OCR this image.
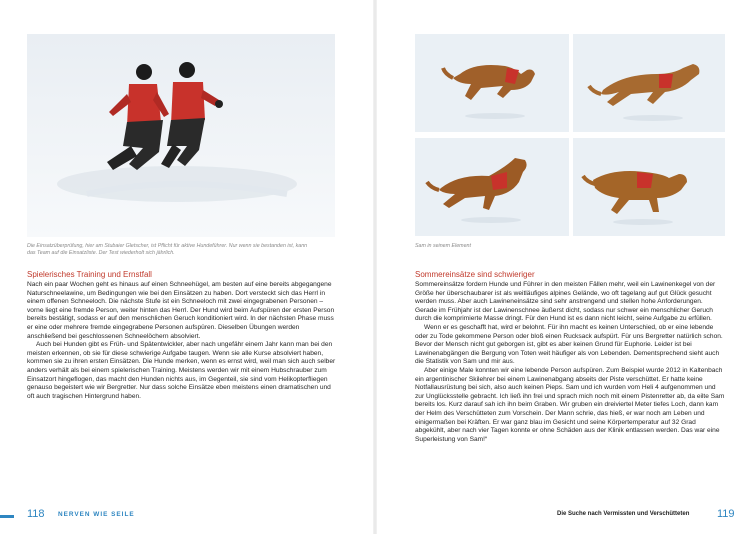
Die Einsatzüberprüfung, hier am Stubaier Gletscher, ist Pflicht für aktive Hundeführer. Nur wenn sie bestanden ist, kann das Team auf die Einsatzliste. Der Test wiederholt sich jährlich.
Spielerisches Training und Ernstfall

Nach ein paar Wochen geht es hinaus auf einen Schneehügel, am besten auf eine bereits abgegangene Naturschneelawine, um Bedingungen wie bei den Einsätzen zu haben. Dort versteckt sich das Herrl in einem offenen Schneeloch. Die nächste Stufe ist ein Schneeloch mit zwei eingegrabenen Personen – vorne liegt eine fremde Person, weiter hinten das Herrl. Der Hund wird beim Aufspüren der ersten Person bereits bestätigt, sodass er auf den menschlichen Geruch konditioniert wird. In der nächsten Phase muss er eine oder mehrere fremde eingegrabene Personen aufspüren. Dieselben Übungen werden anschließend bei geschlossenen Schneelöchern absolviert.

Auch bei Hunden gibt es Früh- und Spätentwickler, aber nach ungefähr einem Jahr kann man bei den meisten erkennen, ob sie für diese schwierige Aufgabe taugen. Wenn sie alle Kurse absolviert haben, kommen sie zu ihren ersten Einsätzen. Die Hunde merken, wenn es ernst wird, weil man sich auch selber anders verhält als bei einem spielerischen Training. Meistens werden wir mit einem Hubschrauber zum Einsatzort hingeflogen, das macht den Hunden nichts aus, im Gegenteil, sie sind vom Helikopterfliegen genauso begeistert wie wir Bergretter. Nur dass solche Einsätze eben meistens einen dramatischen und oft auch tragischen Hintergrund haben.

118 NERVEN WIE SEILE
Sam in seinem Element
Sommereinsätze sind schwieriger

Sommereinsätze fordern Hunde und Führer in den meisten Fällen mehr, weil ein Lawinenkegel von der Größe her überschaubarer ist als weitläufiges alpines Gelände, wo oft tagelang auf gut Glück gesucht werden muss. Aber auch Lawineneinsätze sind sehr anstrengend und stellen hohe Anforderungen. Gerade im Frühjahr ist der Lawinenschnee äußerst dicht, sodass nur schwer ein menschlicher Geruch durch die komprimierte Masse dringt. Für den Hund ist es dann nicht leicht, seine Aufgabe zu erfüllen.

Wenn er es geschafft hat, wird er belohnt. Für ihn macht es keinen Unterschied, ob er eine lebende oder zu Tode gekommene Person oder bloß einen Rucksack aufspürt. Für uns Bergretter natürlich schon. Bevor der Mensch nicht gut geborgen ist, gibt es aber keinen Grund für Euphorie. Leider ist bei Lawinenabgängen die Bergung von Toten weit häufiger als von Lebenden. Dementsprechend sieht auch die Statistik von Sam und mir aus.

Aber einige Male konnten wir eine lebende Person aufspüren. Zum Beispiel wurde 2012 in Kaltenbach ein argentinischer Skilehrer bei einem Lawinenabgang abseits der Piste verschüttet. Er hatte keine Notfallausrüstung bei sich, also auch keinen Pieps. Sam und ich wurden vom Heli 4 aufgenommen und zur Unglücksstelle gebracht. Ich ließ ihn frei und sprach mich noch mit einem Pistenretter ab, da eilte Sam bereits los. Kurz darauf sah ich ihn beim Graben. Wir gruben ein dreiviertel Meter tiefes Loch, dann kam der Helm des Verschütteten zum Vorschein. Der Mann schrie, das hieß, er war noch am Leben und einigermaßen bei Kräften. Er war ganz blau im Gesicht und seine Körpertemperatur auf 32 Grad abgekühlt, aber nach vier Tagen konnte er ohne Schäden aus der Klinik entlassen werden. Das war eine Superleistung von Sam!“

Die Suche nach Vermissten und Verschütteten	119
